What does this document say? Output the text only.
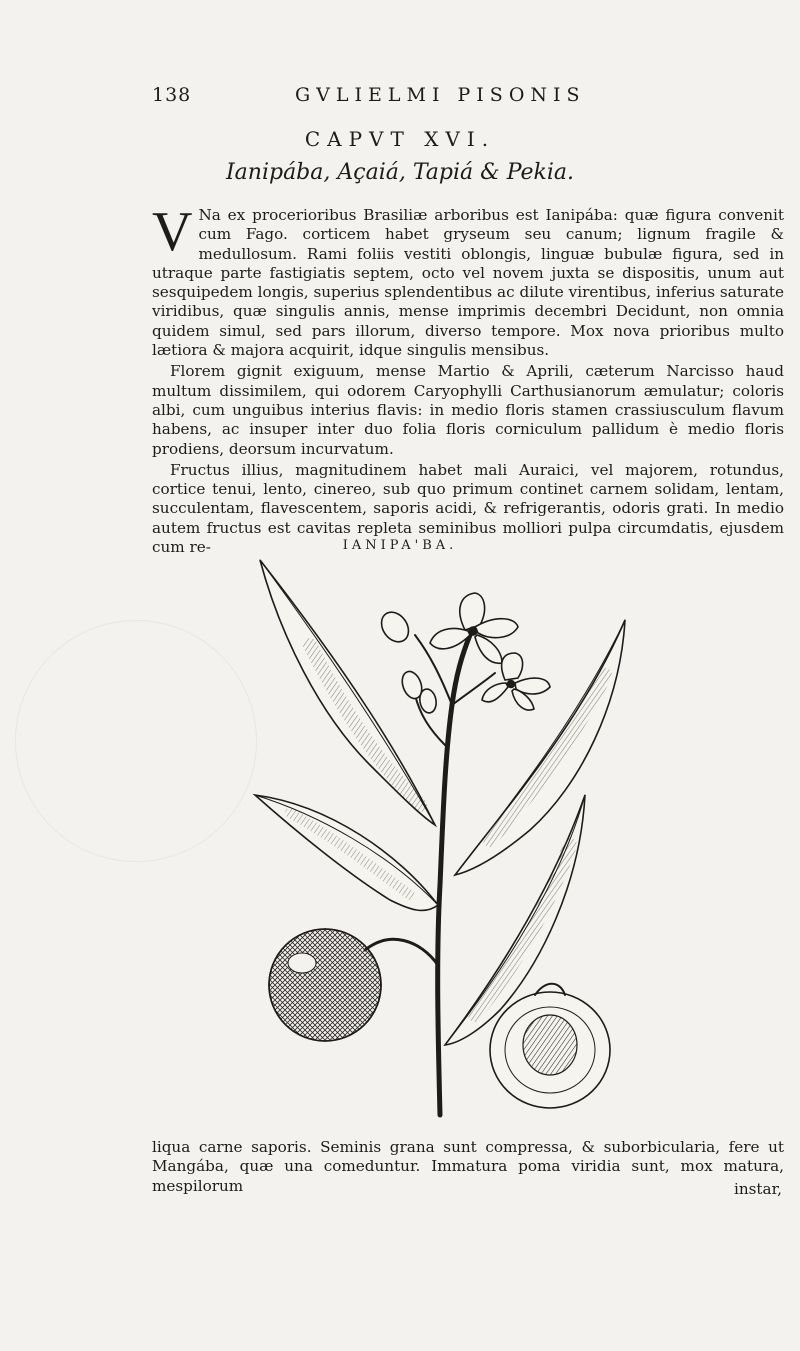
138	GVLIELMI PISONIS
CAPVT XVI.
Ianipába, Açaiá, Tapiá & Pekia.

V Na ex procerioribus Brasiliæ arboribus est Ianipába: quæ figura convenit cum Fago. corticem habet gryseum seu canum; lignum fragile & medullosum. Rami foliis vestiti oblongis, linguæ bubulæ figura, sed in utraque parte fastigiatis septem, octo vel novem juxta se dispositis, unum aut sesquipedem longis, superius splendentibus ac dilute virentibus, inferius saturate viridibus, quæ singulis annis, mense imprimis decembri Decidunt, non omnia quidem simul, sed pars illorum, diverso tempore. Mox nova prioribus multo lætiora & majora acquirit, idque singulis mensibus.

Florem gignit exiguum, mense Martio & Aprili, cæterum Narcisso haud multum dissimilem, qui odorem Caryophylli Carthusianorum æmulatur; coloris albi, cum unguibus interius flavis: in medio floris stamen crassiusculum flavum habens, ac insuper inter duo folia floris corniculum pallidum è medio floris prodiens, deorsum incurvatum.

Fructus illius, magnitudinem habet mali Auraici, vel majorem, rotundus, cortice tenui, lento, cinereo, sub quo primum continet carnem solidam, lentam, succulentam, flavescentem, saporis acidi, & refrigerantis, odoris grati. In medio autem fructus est cavitas repleta seminibus molliori pulpa circumdatis, ejusdem cum re-	IANIPA'BA.

liqua carne saporis. Seminis grana sunt compressa, & suborbicularia, fere ut Mangába, quæ una comeduntur. Immatura poma viridia sunt, mox matura, mespilorum	instar,
